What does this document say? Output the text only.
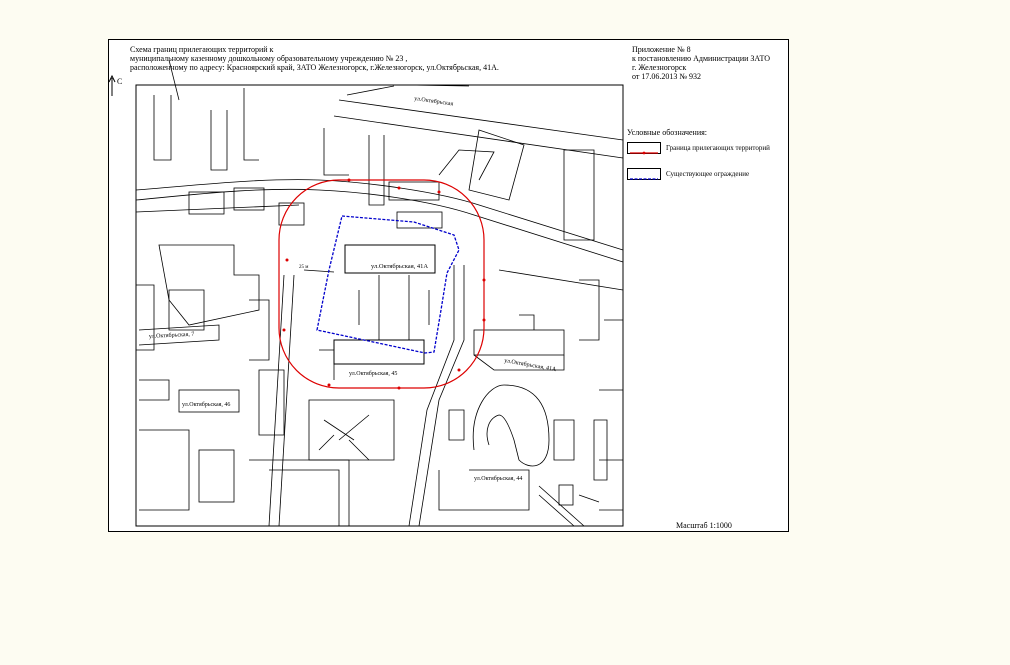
Схема границ прилегающих территорий к
муниципальному казенному дошкольному образовательному учреждению № 23 ,
расположенному по адресу: Красноярский край, ЗАТО Железногорск, г.Железногорск, ул.Октябрьская, 41А.
Приложение № 8
к постановлению Администрации ЗАТО
г. Железногорск
от 17.06.2013 № 932
С
ул.Октябрьская
ул.Октябрьская, 41А
ул.Октябрьская, 41А
ул.Октябрьская, 45
ул.Октябрьская, 7
ул.Октябрьская, 46
ул.Октябрьская, 44
25 м
Условные обозначения:
Граница прилегающих территорий
Существующее ограждение
Масштаб 1:1000
